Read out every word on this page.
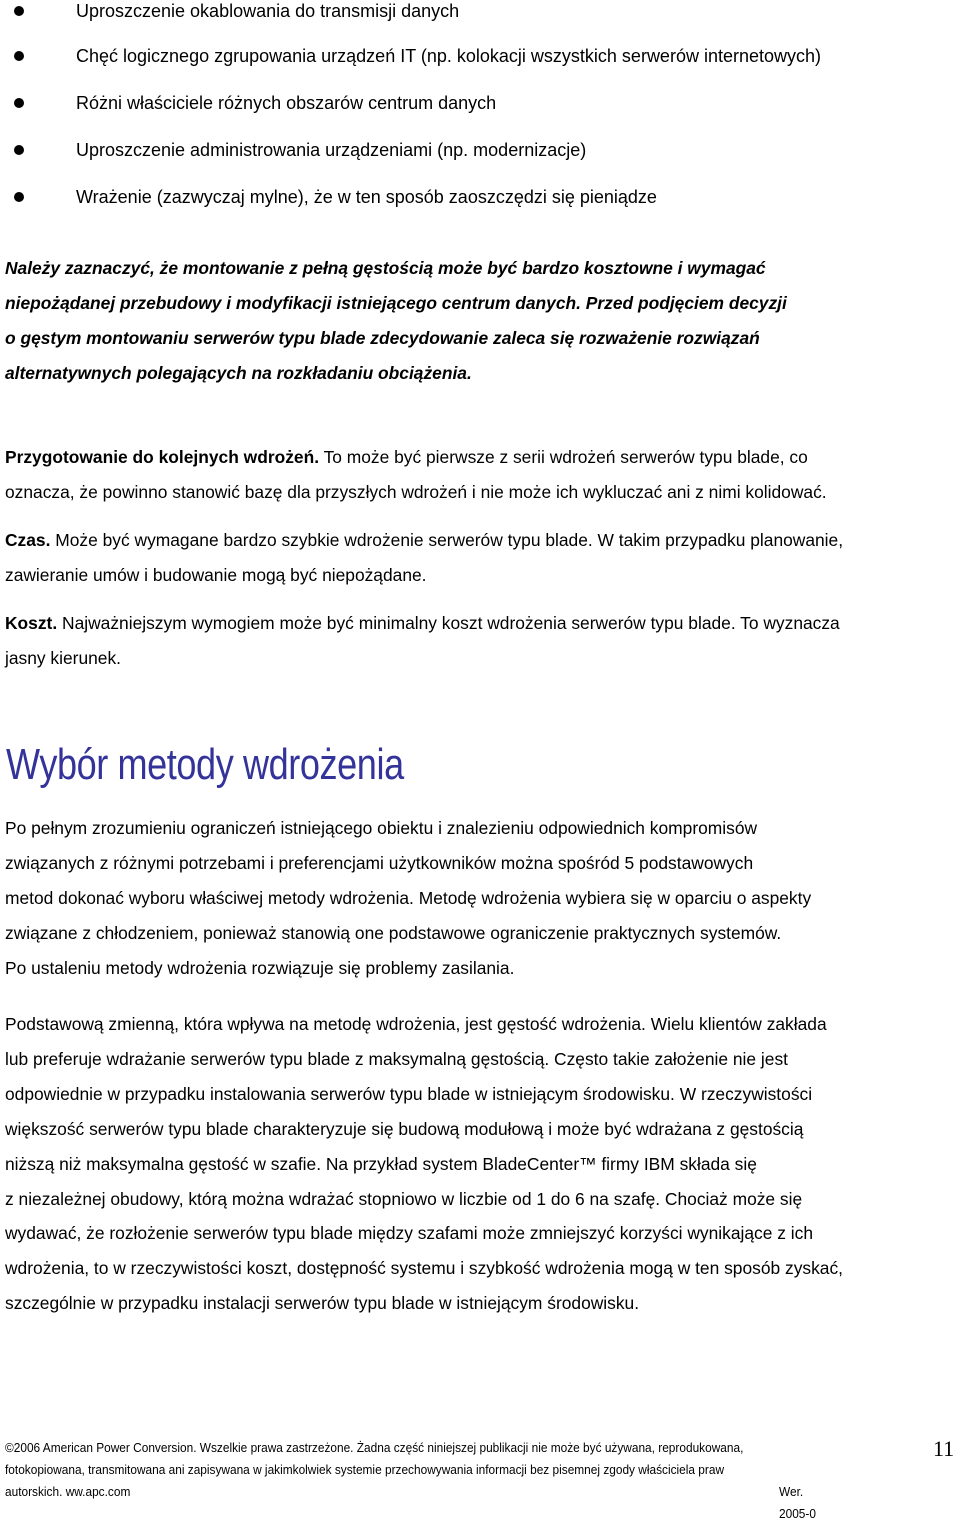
Uproszczenie okablowania do transmisji danych
Chęć logicznego zgrupowania urządzeń IT (np. kolokacji wszystkich serwerów internetowych)
Różni właściciele różnych obszarów centrum danych
Uproszczenie administrowania urządzeniami (np. modernizacje)
Wrażenie (zazwyczaj mylne), że w ten sposób zaoszczędzi się pieniądze
Należy zaznaczyć, że montowanie z pełną gęstością może być bardzo kosztowne i wymagać
niepożądanej przebudowy i modyfikacji istniejącego centrum danych. Przed podjęciem decyzji
o gęstym montowaniu serwerów typu blade zdecydowanie zaleca się rozważenie rozwiązań
alternatywnych polegających na rozkładaniu obciążenia.
Przygotowanie do kolejnych wdrożeń. To może być pierwsze z serii wdrożeń serwerów typu blade, co
oznacza, że powinno stanowić bazę dla przyszłych wdrożeń i nie może ich wykluczać ani z nimi kolidować.
Czas. Może być wymagane bardzo szybkie wdrożenie serwerów typu blade. W takim przypadku planowanie,
zawieranie umów i budowanie mogą być niepożądane.
Koszt. Najważniejszym wymogiem może być minimalny koszt wdrożenia serwerów typu blade. To wyznacza
jasny kierunek.
Wybór metody wdrożenia
Po pełnym zrozumieniu ograniczeń istniejącego obiektu i znalezieniu odpowiednich kompromisów
związanych z różnymi potrzebami i preferencjami użytkowników można spośród 5 podstawowych
metod dokonać wyboru właściwej metody wdrożenia. Metodę wdrożenia wybiera się w oparciu o aspekty
związane z chłodzeniem, ponieważ stanowią one podstawowe ograniczenie praktycznych systemów.
Po ustaleniu metody wdrożenia rozwiązuje się problemy zasilania.
Podstawową zmienną, która wpływa na metodę wdrożenia, jest gęstość wdrożenia. Wielu klientów zakłada
lub preferuje wdrażanie serwerów typu blade z maksymalną gęstością. Często takie założenie nie jest
odpowiednie w przypadku instalowania serwerów typu blade w istniejącym środowisku. W rzeczywistości
większość serwerów typu blade charakteryzuje się budową modułową i może być wdrażana z gęstością
niższą niż maksymalna gęstość w szafie. Na przykład system BladeCenter™ firmy IBM składa się
z niezależnej obudowy, którą można wdrażać stopniowo w liczbie od 1 do 6 na szafę. Chociaż może się
wydawać, że rozłożenie serwerów typu blade między szafami może zmniejszyć korzyści wynikające z ich
wdrożenia, to w rzeczywistości koszt, dostępność systemu i szybkość wdrożenia mogą w ten sposób zyskać,
szczególnie w przypadku instalacji serwerów typu blade w istniejącym środowisku.
©2006 American Power Conversion. Wszelkie prawa zastrzeżone. Żadna część niniejszej publikacji nie może być używana, reprodukowana,
fotokopiowana, transmitowana ani zapisywana w jakimkolwiek systemie przechowywania informacji bez pisemnej zgody właściciela praw
autorskich. ww.apc.com	Wer. 2005-0
11
